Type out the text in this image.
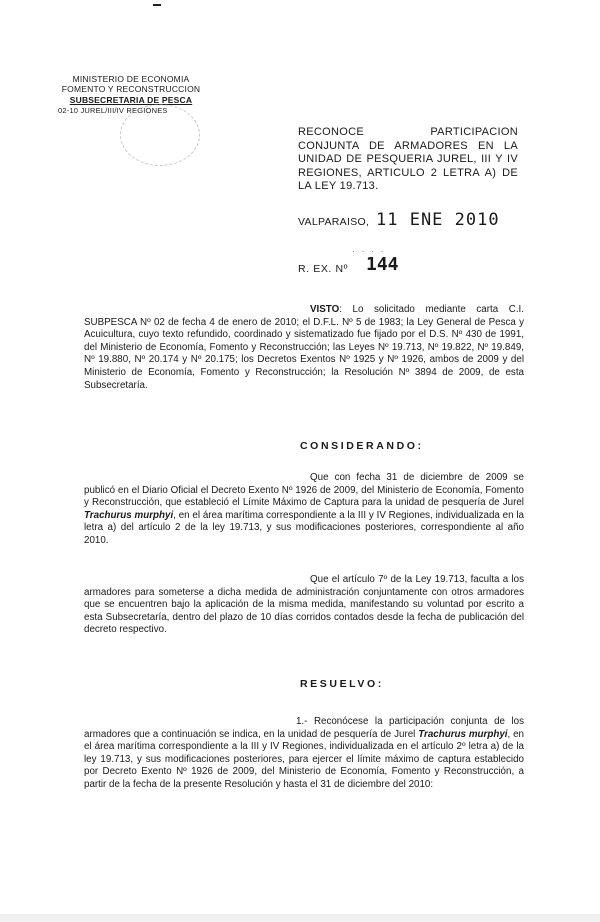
MINISTERIO DE ECONOMIA
FOMENTO Y RECONSTRUCCION
SUBSECRETARIA DE PESCA
02-10 JUREL/III/IV REGIONES
RECONOCE PARTICIPACION CONJUNTA DE ARMADORES EN LA UNIDAD DE PESQUERIA JUREL, III Y IV REGIONES, ARTICULO 2 LETRA A) DE LA LEY 19.713.
VALPARAISO, 11 ENE 2010
· · · ·
R. EX. Nº 144
VISTO: Lo solicitado mediante carta C.I. SUBPESCA Nº 02 de fecha 4 de enero de 2010; el D.F.L. Nº 5 de 1983; la Ley General de Pesca y Acuicultura, cuyo texto refundido, coordinado y sistematizado fue fijado por el D.S. Nº 430 de 1991, del Ministerio de Economía, Fomento y Reconstrucción; las Leyes Nº 19.713, Nº 19.822, Nº 19.849, Nº 19.880, Nº 20.174 y Nº 20.175; los Decretos Exentos Nº 1925 y Nº 1926, ambos de 2009 y del Ministerio de Economía, Fomento y Reconstrucción; la Resolución Nº 3894 de 2009, de esta Subsecretaría.
CONSIDERANDO:
Que con fecha 31 de diciembre de 2009 se publicó en el Diario Oficial el Decreto Exento Nº 1926 de 2009, del Ministerio de Economía, Fomento y Reconstrucción, que estableció el Límite Máximo de Captura para la unidad de pesquería de Jurel Trachurus murphyi, en el área marítima correspondiente a la III y IV Regiones, individualizada en la letra a) del artículo 2 de la ley 19.713, y sus modificaciones posteriores, correspondiente al año 2010.
Que el artículo 7º de la Ley 19.713, faculta a los armadores para someterse a dicha medida de administración conjuntamente con otros armadores que se encuentren bajo la aplicación de la misma medida, manifestando su voluntad por escrito a esta Subsecretaría, dentro del plazo de 10 días corridos contados desde la fecha de publicación del decreto respectivo.
RESUELVO:
1.- Reconócese la participación conjunta de los armadores que a continuación se indica, en la unidad de pesquería de Jurel Trachurus murphyi, en el área marítima correspondiente a la III y IV Regiones, individualizada en el artículo 2º letra a) de la ley 19.713, y sus modificaciones posteriores, para ejercer el límite máximo de captura establecido por Decreto Exento Nº 1926 de 2009, del Ministerio de Economía, Fomento y Reconstrucción, a partir de la fecha de la presente Resolución y hasta el 31 de diciembre del 2010:
